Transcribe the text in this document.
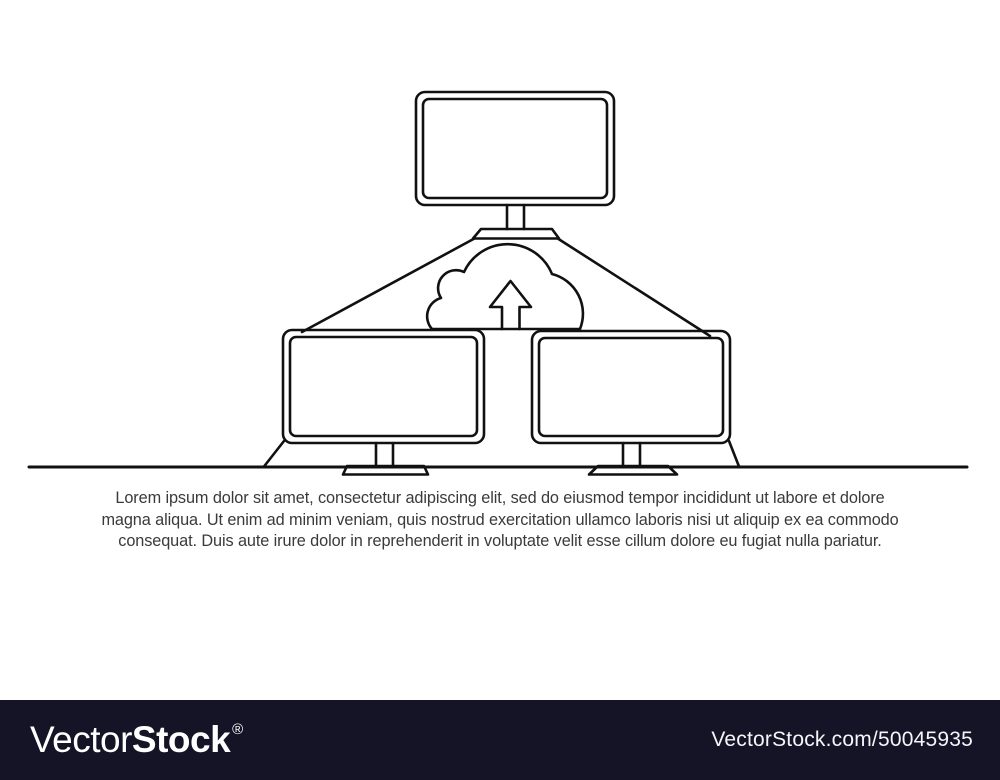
Lorem ipsum dolor sit amet, consectetur adipiscing elit, sed do eiusmod tempor incididunt ut labore et dolore
magna aliqua. Ut enim ad minim veniam, quis nostrud exercitation ullamco laboris nisi ut aliquip ex ea commodo
consequat. Duis aute irure dolor in reprehenderit in voluptate velit esse cillum dolore eu fugiat nulla pariatur.
VectorStock ®	VectorStock.com/50045935
